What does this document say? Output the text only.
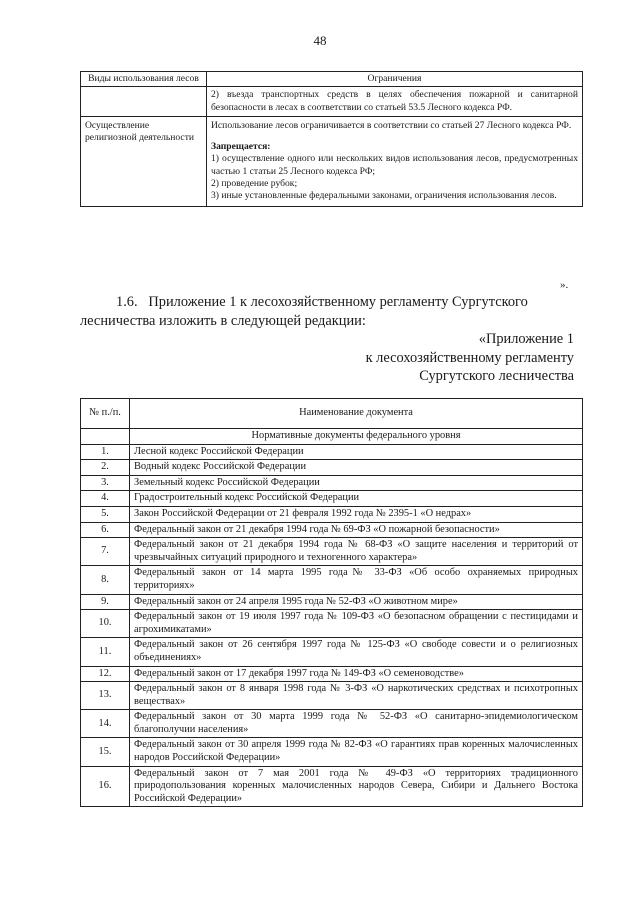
48
Виды использования лесов	Ограничения
	2) въезда транспортных средств в целях обеспечения пожарной и санитарной безопасности в лесах в соответствии со статьей 53.5 Лесного кодекса РФ.
Осуществление религиозной деятельности	Использование лесов ограничивается в соответствии со статьей 27 Лесного кодекса РФ.
Запрещается:
1) осуществление одного или нескольких видов использования лесов, предусмотренных частью 1 статьи 25 Лесного кодекса РФ;
2) проведение рубок;
3) иные установленные федеральными законами, ограничения использования лесов.
».
1.6.   Приложение 1 к лесохозяйственному регламенту Сургутского
лесничества изложить в следующей редакции:
«Приложение 1
к лесохозяйственному регламенту
Сургутского лесничества
№ п./п.	Наименование документа
	Нормативные документы федерального уровня
1.	Лесной кодекс Российской Федерации
2.	Водный кодекс Российской Федерации
3.	Земельный кодекс Российской Федерации
4.	Градостроительный кодекс Российской Федерации
5.	Закон Российской Федерации от 21 февраля 1992 года № 2395-1 «О недрах»
6.	Федеральный закон от 21 декабря 1994 года № 69-ФЗ «О пожарной безопасности»
7.	Федеральный закон от 21 декабря 1994 года № 68-ФЗ «О защите населения и территорий от чрезвычайных ситуаций природного и техногенного характера»
8.	Федеральный закон от 14 марта 1995 года№ 33-ФЗ «Об особо охраняемых природных территориях»
9.	Федеральный закон от 24 апреля 1995 года № 52-ФЗ «О животном мире»
10.	Федеральный закон от 19 июля 1997 года № 109-ФЗ «О безопасном обращении с пестицидами и агрохимикатами»
11.	Федеральный закон от 26 сентября 1997 года № 125-ФЗ «О свободе совести и о религиозных объединениях»
12.	Федеральный закон от 17 декабря 1997 года № 149-ФЗ «О семеноводстве»
13.	Федеральный закон от 8 января 1998 года № 3-ФЗ «О наркотических средствах и психотропных веществах»
14.	Федеральный закон от 30 марта 1999 года № 52-ФЗ «О санитарно-эпидемиологическом благополучии населения»
15.	Федеральный закон от 30 апреля 1999 года № 82-ФЗ «О гарантиях прав коренных малочисленных народов Российской Федерации»
16.	Федеральный закон от 7 мая 2001 года № 49-ФЗ «О территориях традиционного природопользования коренных малочисленных народов Севера, Сибири и Дальнего Востока Российской Федерации»
